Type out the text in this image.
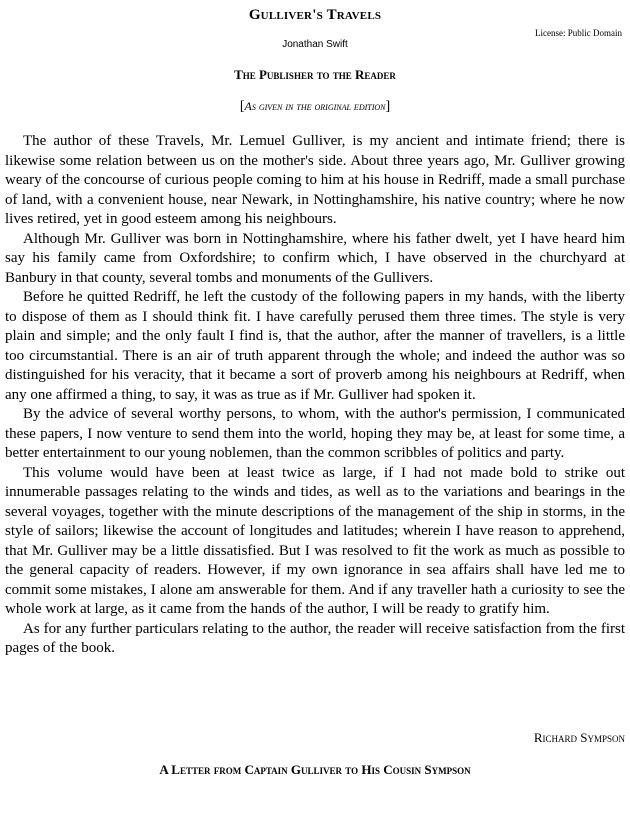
Gulliver's Travels
License: Public Domain
Jonathan Swift
The Publisher to the Reader
[As given in the original edition]

The author of these Travels, Mr. Lemuel Gulliver, is my ancient and intimate friend; there is likewise some relation between us on the mother's side. About three years ago, Mr. Gulliver growing weary of the concourse of curious people coming to him at his house in Redriff, made a small purchase of land, with a convenient house, near Newark, in Nottinghamshire, his native country; where he now lives retired, yet in good esteem among his neighbours.

Although Mr. Gulliver was born in Nottinghamshire, where his father dwelt, yet I have heard him say his family came from Oxfordshire; to confirm which, I have observed in the churchyard at Banbury in that county, several tombs and monuments of the Gullivers.

Before he quitted Redriff, he left the custody of the following papers in my hands, with the liberty to dispose of them as I should think fit. I have carefully perused them three times. The style is very plain and simple; and the only fault I find is, that the author, after the manner of travellers, is a little too circumstantial. There is an air of truth apparent through the whole; and indeed the author was so distinguished for his veracity, that it became a sort of proverb among his neighbours at Redriff, when any one affirmed a thing, to say, it was as true as if Mr. Gulliver had spoken it.

By the advice of several worthy persons, to whom, with the author's permission, I communicated these papers, I now venture to send them into the world, hoping they may be, at least for some time, a better entertainment to our young noblemen, than the common scribbles of politics and party.

This volume would have been at least twice as large, if I had not made bold to strike out innumerable passages relating to the winds and tides, as well as to the variations and bearings in the several voyages, together with the minute descriptions of the management of the ship in storms, in the style of sailors; likewise the account of longitudes and latitudes; wherein I have reason to apprehend, that Mr. Gulliver may be a little dissatisfied. But I was resolved to fit the work as much as possible to the general capacity of readers. However, if my own ignorance in sea affairs shall have led me to commit some mistakes, I alone am answerable for them. And if any traveller hath a curiosity to see the whole work at large, as it came from the hands of the author, I will be ready to gratify him.

As for any further particulars relating to the author, the reader will receive satisfaction from the first pages of the book.

Richard Sympson
A Letter from Captain Gulliver to His Cousin Sympson
